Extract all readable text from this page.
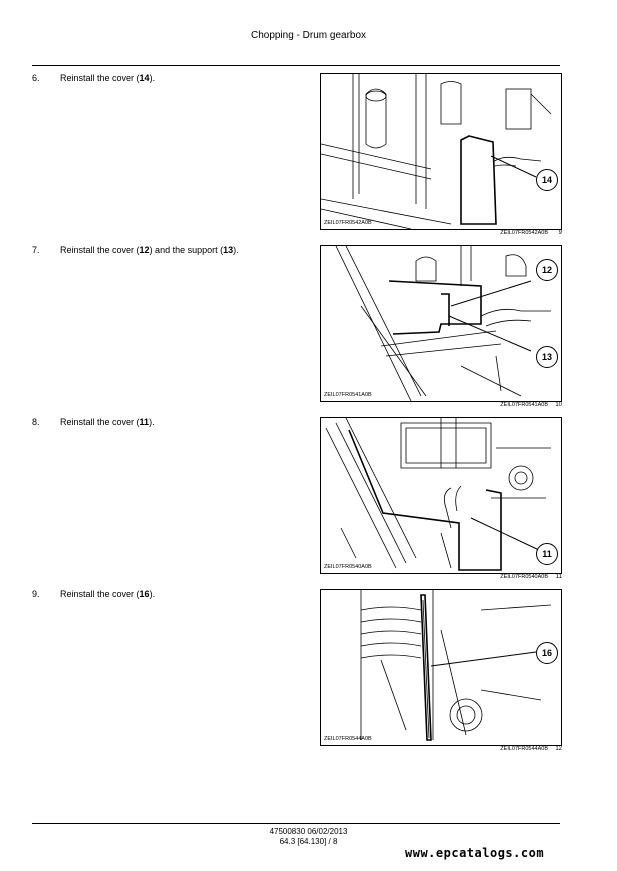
Chopping - Drum gearbox
6. Reinstall the cover (14).
14
ZEIL07FR0542A0B
ZEIL07FR0542A0B 9
7. Reinstall the cover (12) and the support (13).
12
13
ZEIL07FR0541A0B
ZEIL07FR0541A0B 10
8. Reinstall the cover (11).
11
ZEIL07FR0540A0B
ZEIL07FR0540A0B 11
9. Reinstall the cover (16).
16
ZEIL07FR0544A0B
ZEIL07FR0544A0B 12
47500830 06/02/2013
64.3 [64.130] / 8
www.epcatalogs.com
